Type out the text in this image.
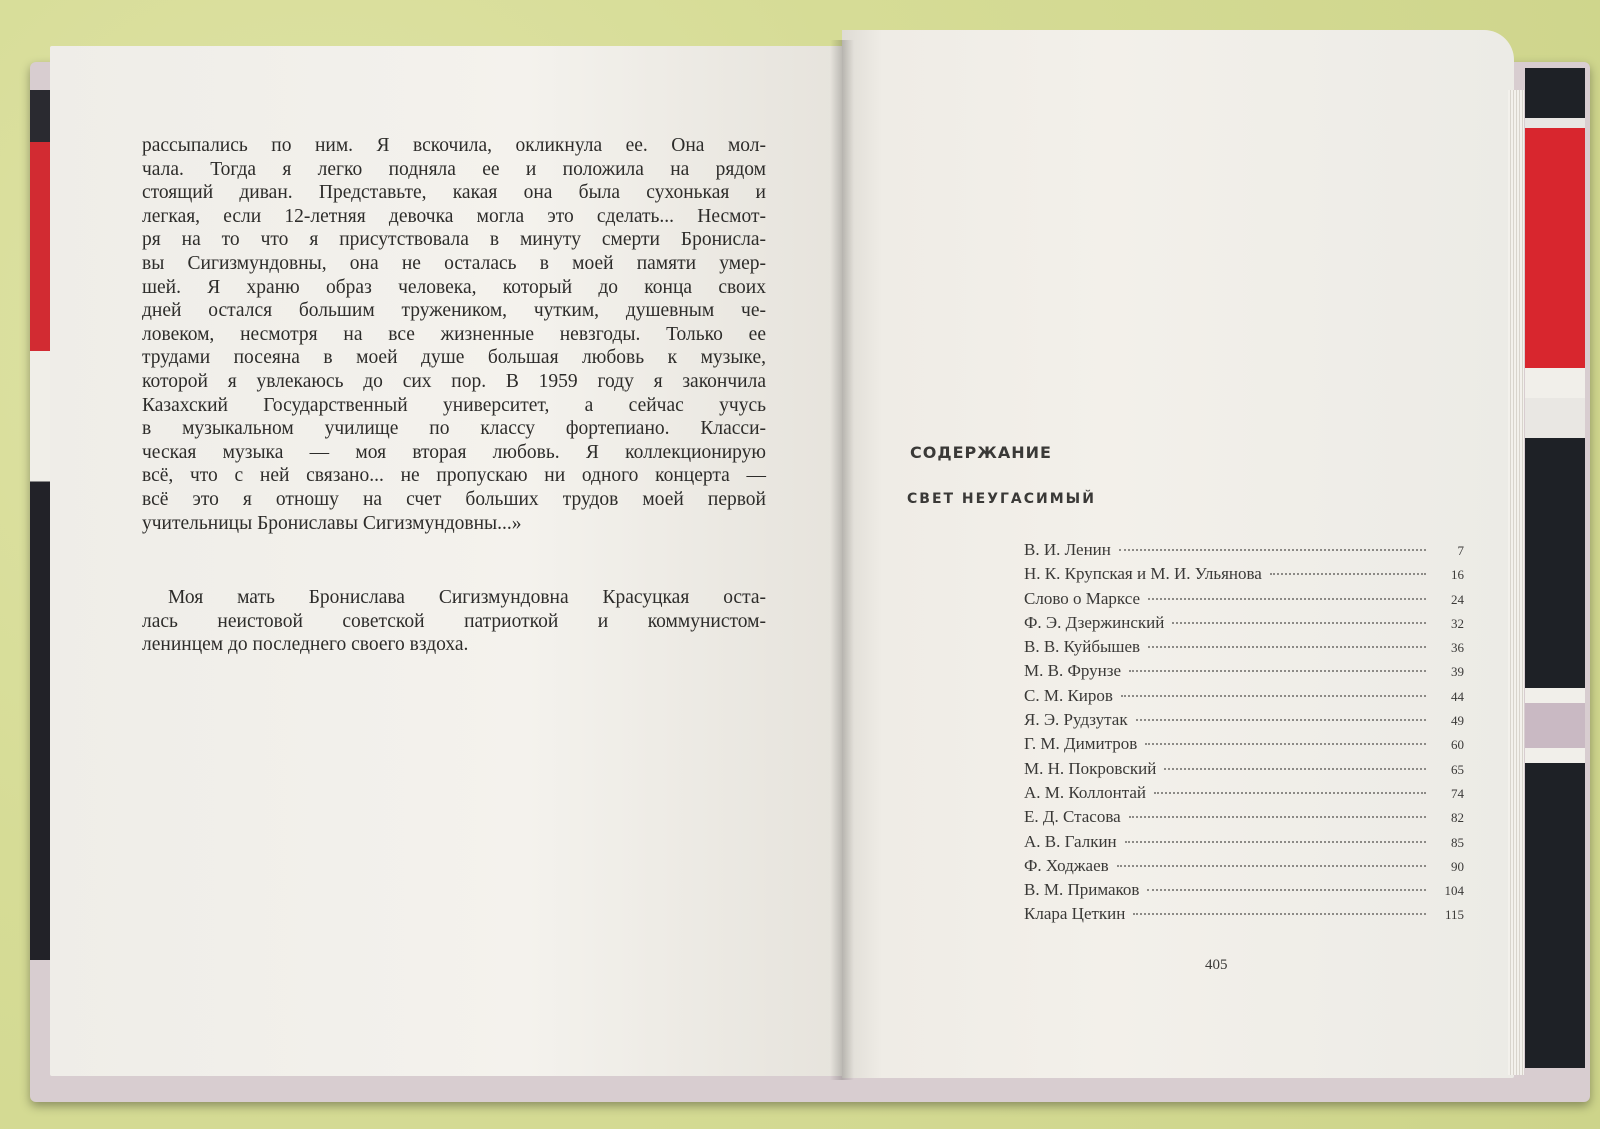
рассыпались по ним. Я вскочила, окликнула ее. Она мол-
чала. Тогда я легко подняла ее и положила на рядом
стоящий диван. Представьте, какая она была сухонькая и
легкая, если 12-летняя девочка могла это сделать... Несмот-
ря на то что я присутствовала в минуту смерти Бронисла-
вы Сигизмундовны, она не осталась в моей памяти умер-
шей. Я храню образ человека, который до конца своих
дней остался большим тружеником, чутким, душевным че-
ловеком, несмотря на все жизненные невзгоды. Только ее
трудами посеяна в моей душе большая любовь к музыке,
которой я увлекаюсь до сих пор. В 1959 году я закончила
Казахский Государственный университет, а сейчас учусь
в музыкальном училище по классу фортепиано. Класси-
ческая музыка — моя вторая любовь. Я коллекционирую
всё, что с ней связано... не пропускаю ни одного концерта —
всё это я отношу на счет больших трудов моей первой
учительницы Брониславы Сигизмундовны...»
Моя мать Бронислава Сигизмундовна Красуцкая оста-
лась неистовой советской патриоткой и коммунистом-
ленинцем до последнего своего вздоха.
СОДЕРЖАНИЕ
СВЕТ НЕУГАСИМЫЙ
В. И. Ленин	7
Н. К. Крупская и М. И. Ульянова	16
Слово о Марксе	24
Ф. Э. Дзержинский	32
В. В. Куйбышев	36
М. В. Фрунзе	39
С. М. Киров	44
Я. Э. Рудзутак	49
Г. М. Димитров	60
М. Н. Покровский	65
А. М. Коллонтай	74
Е. Д. Стасова	82
А. В. Галкин	85
Ф. Ходжаев	90
В. М. Примаков	104
Клара Цеткин	115
405
